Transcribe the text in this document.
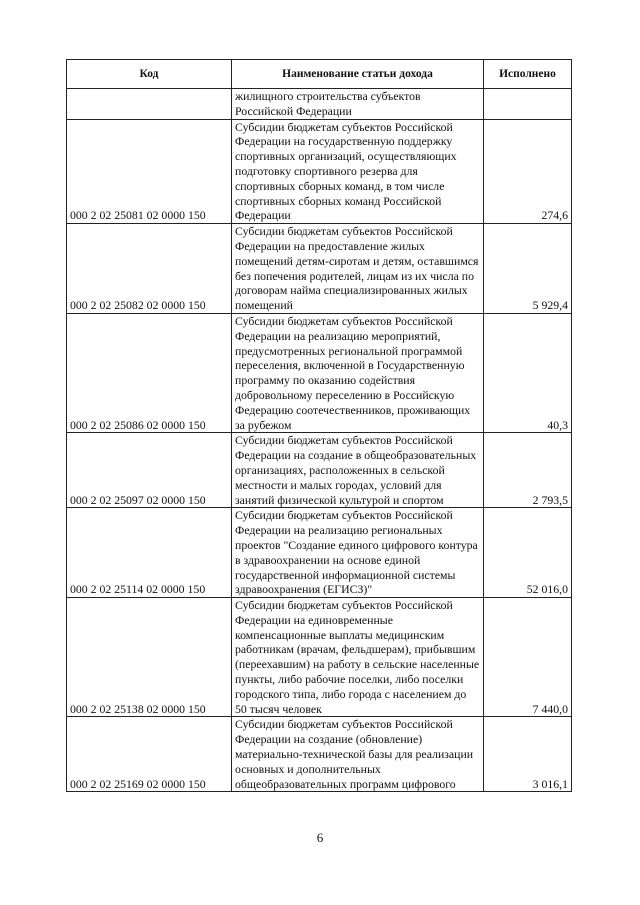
Код	Наименование статьи дохода	Исполнено
	жилищного строительства субъектов Российской Федерации	
000 2 02 25081 02 0000 150	Субсидии бюджетам субъектов Российской Федерации на государственную поддержку спортивных организаций, осуществляющих подготовку спортивного резерва для спортивных сборных команд, в том числе спортивных сборных команд Российской Федерации	274,6
000 2 02 25082 02 0000 150	Субсидии бюджетам субъектов Российской Федерации на предоставление жилых помещений детям-сиротам и детям, оставшимся без попечения родителей, лицам из их числа по договорам найма специализированных жилых помещений	5 929,4
000 2 02 25086 02 0000 150	Субсидии бюджетам субъектов Российской Федерации на реализацию мероприятий, предусмотренных региональной программой переселения, включенной в Государственную программу по оказанию содействия добровольному переселению в Российскую Федерацию соотечественников, проживающих за рубежом	40,3
000 2 02 25097 02 0000 150	Субсидии бюджетам субъектов Российской Федерации на создание в общеобразовательных организациях, расположенных в сельской местности и малых городах, условий для занятий физической культурой и спортом	2 793,5
000 2 02 25114 02 0000 150	Субсидии бюджетам субъектов Российской Федерации на реализацию региональных проектов "Создание единого цифрового контура в здравоохранении на основе единой государственной информационной системы здравоохранения (ЕГИСЗ)"	52 016,0
000 2 02 25138 02 0000 150	Субсидии бюджетам субъектов Российской Федерации на единовременные компенсационные выплаты медицинским работникам (врачам, фельдшерам), прибывшим (переехавшим) на работу в сельские населенные пункты, либо рабочие поселки, либо поселки городского типа, либо города с населением до 50 тысяч человек	7 440,0
000 2 02 25169 02 0000 150	Субсидии бюджетам субъектов Российской Федерации на создание (обновление) материально-технической базы для реализации основных и дополнительных общеобразовательных программ цифрового	3 016,1
6
